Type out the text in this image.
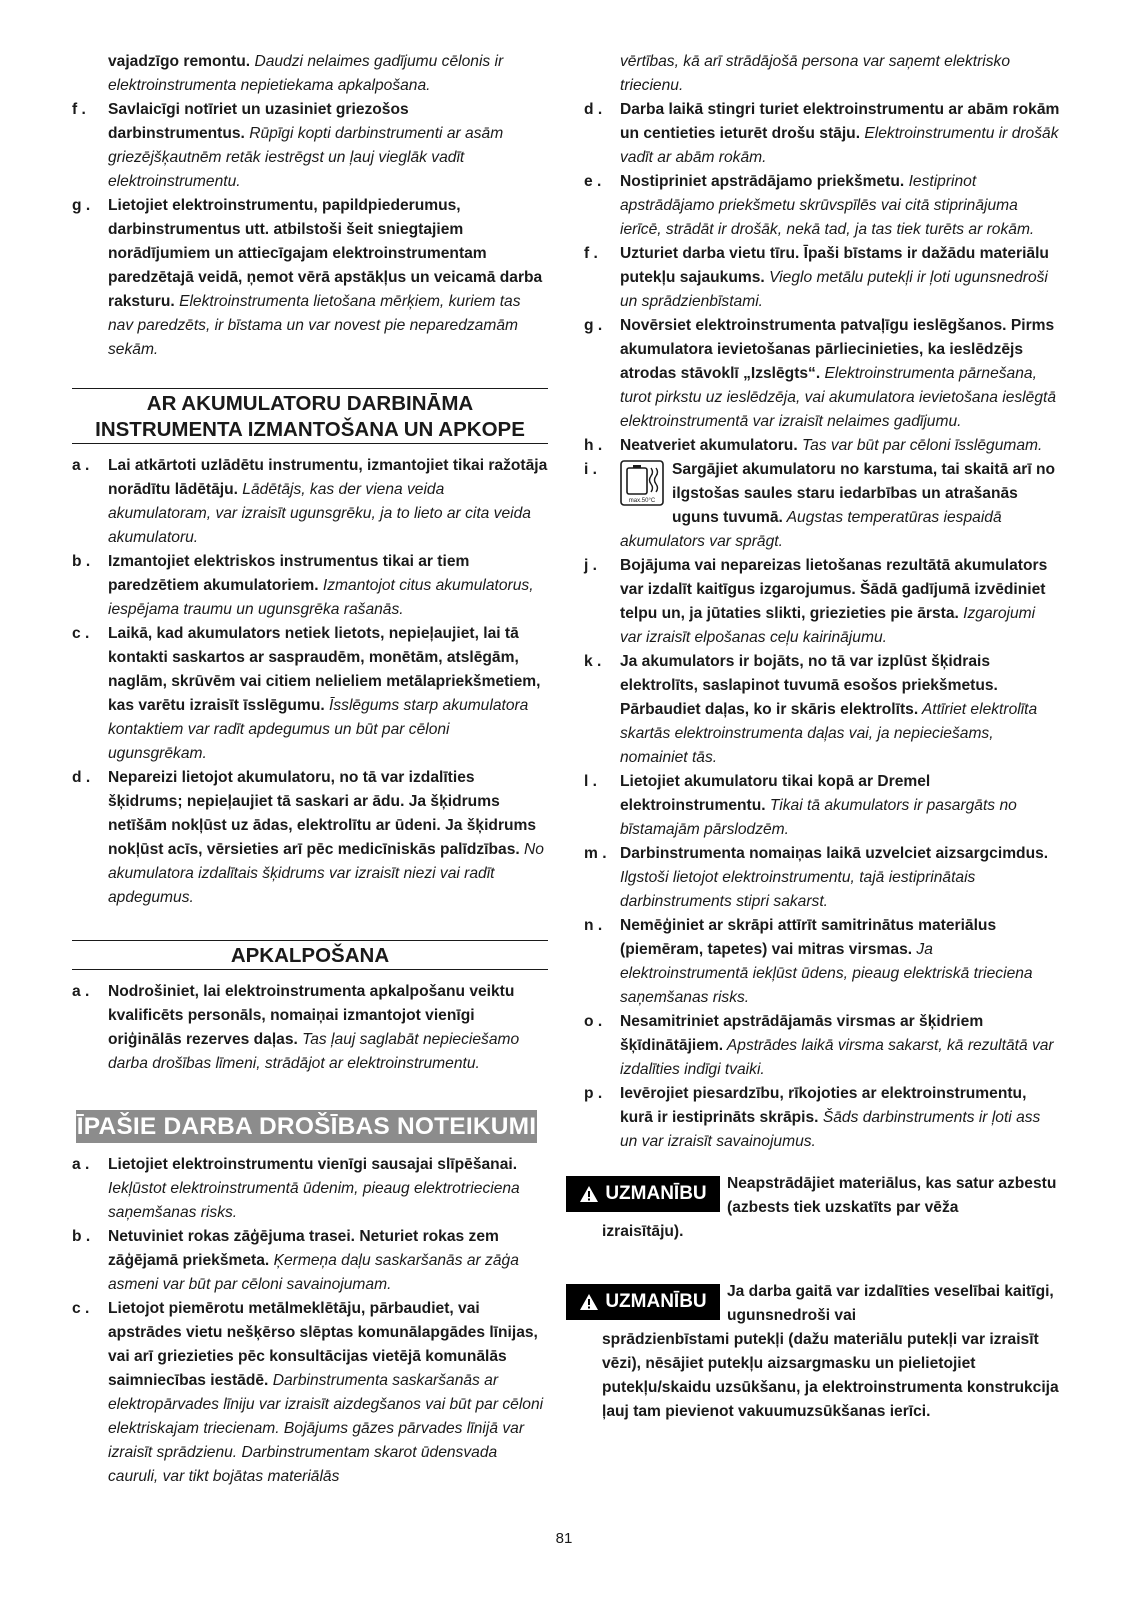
vajadzīgo remontu. Daudzi nelaimes gadījumu cēlonis ir elektroinstrumenta nepietiekama apkalpošana.
f . Savlaicīgi notīriet un uzasiniet griezošos darbinstrumentus. Rūpīgi kopti darbinstrumenti ar asām griezējšķautnēm retāk iestrēgst un ļauj vieglāk vadīt elektroinstrumentu.
g . Lietojiet elektroinstrumentu, papildpiederumus, darbinstrumentus utt. atbilstoši šeit sniegtajiem norādījumiem un attiecīgajam elektroinstrumentam paredzētajā veidā, ņemot vērā apstākļus un veicamā darba raksturu. Elektroinstrumenta lietošana mērķiem, kuriem tas nav paredzēts, ir bīstama un var novest pie neparedzamām sekām.
AR AKUMULATORU DARBINĀMA
INSTRUMENTA IZMANTOŠANA UN APKOPE
a . Lai atkārtoti uzlādētu instrumentu, izmantojiet tikai ražotāja norādītu lādētāju. Lādētājs, kas der viena veida akumulatoram, var izraisīt ugunsgrēku, ja to lieto ar cita veida akumulatoru.
b . Izmantojiet elektriskos instrumentus tikai ar tiem paredzētiem akumulatoriem. Izmantojot citus akumulatorus, iespējama traumu un ugunsgrēka rašanās.
c . Laikā, kad akumulators netiek lietots, nepieļaujiet, lai tā kontakti saskartos ar saspraudēm, monētām, atslēgām, naglām, skrūvēm vai citiem nelieliem metālapriekšmetiem, kas varētu izraisīt īsslēgumu. Īsslēgums starp akumulatora kontaktiem var radīt apdegumus un būt par cēloni ugunsgrēkam.
d . Nepareizi lietojot akumulatoru, no tā var izdalīties šķidrums; nepieļaujiet tā saskari ar ādu. Ja šķidrums netīšām nokļūst uz ādas, elektrolītu ar ūdeni. Ja šķidrums nokļūst acīs, vērsieties arī pēc medicīniskās palīdzības. No akumulatora izdalītais šķidrums var izraisīt niezi vai radīt apdegumus.
APKALPOŠANA
a . Nodrošiniet, lai elektroinstrumenta apkalpošanu veiktu kvalificēts personāls, nomaiņai izmantojot vienīgi oriģinālās rezerves daļas. Tas ļauj saglabāt nepieciešamo darba drošības līmeni, strādājot ar elektroinstrumentu.
ĪPAŠIE DARBA DROŠĪBAS NOTEIKUMI
a . Lietojiet elektroinstrumentu vienīgi sausajai slīpēšanai. Iekļūstot elektroinstrumentā ūdenim, pieaug elektrotrieciena saņemšanas risks.
b . Netuviniet rokas zāģējuma trasei. Neturiet rokas zem zāģējamā priekšmeta. Ķermeņa daļu saskaršanās ar zāģa asmeni var būt par cēloni savainojumam.
c . Lietojot piemērotu metālmeklētāju, pārbaudiet, vai apstrādes vietu nešķērso slēptas komunālapgādes līnijas, vai arī griezieties pēc konsultācijas vietējā komunālās saimniecības iestādē. Darbinstrumenta saskaršanās ar elektropārvades līniju var izraisīt aizdegšanos vai būt par cēloni elektriskajam triecienam. Bojājums gāzes pārvades līnijā var izraisīt sprādzienu. Darbinstrumentam skarot ūdensvada cauruli, var tikt bojātas materiālās
vērtības, kā arī strādājošā persona var saņemt elektrisko triecienu.
d . Darba laikā stingri turiet elektroinstrumentu ar abām rokām un centieties ieturēt drošu stāju. Elektroinstrumentu ir drošāk vadīt ar abām rokām.
e . Nostipriniet apstrādājamo priekšmetu. Iestiprinot apstrādājamo priekšmetu skrūvspīlēs vai citā stiprinājuma ierīcē, strādāt ir drošāk, nekā tad, ja tas tiek turēts ar rokām.
f . Uzturiet darba vietu tīru. Īpaši bīstams ir dažādu materiālu putekļu sajaukums. Vieglo metālu putekļi ir ļoti ugunsnedroši un sprādzienbīstami.
g . Novērsiet elektroinstrumenta patvaļīgu ieslēgšanos. Pirms akumulatora ievietošanas pārliecinieties, ka ieslēdzējs atrodas stāvoklī „Izslēgts“. Elektroinstrumenta pārnešana, turot pirkstu uz ieslēdzēja, vai akumulatora ievietošana ieslēgtā elektroinstrumentā var izraisīt nelaimes gadījumu.
h . Neatveriet akumulatoru. Tas var būt par cēloni īsslēgumam.
i .
max.50°C
Sargājiet akumulatoru no karstuma, tai skaitā arī no ilgstošas saules staru iedarbības un atrašanās uguns tuvumā. Augstas temperatūras iespaidā akumulators var sprāgt.
j . Bojājuma vai nepareizas lietošanas rezultātā akumulators var izdalīt kaitīgus izgarojumus. Šādā gadījumā izvēdiniet telpu un, ja jūtaties slikti, griezieties pie ārsta. Izgarojumi var izraisīt elpošanas ceļu kairinājumu.
k . Ja akumulators ir bojāts, no tā var izplūst šķidrais elektrolīts, saslapinot tuvumā esošos priekšmetus. Pārbaudiet daļas, ko ir skāris elektrolīts. Attīriet elektrolīta skartās elektroinstrumenta daļas vai, ja nepieciešams, nomainiet tās.
l . Lietojiet akumulatoru tikai kopā ar Dremel elektroinstrumentu. Tikai tā akumulators ir pasargāts no bīstamajām pārslodzēm.
m . Darbinstrumenta nomaiņas laikā uzvelciet aizsargcimdus. Ilgstoši lietojot elektroinstrumentu, tajā iestiprinātais darbinstruments stipri sakarst.
n . Nemēģiniet ar skrāpi attīrīt samitrinātus materiālus (piemēram, tapetes) vai mitras virsmas. Ja elektroinstrumentā iekļūst ūdens, pieaug elektriskā trieciena saņemšanas risks.
o . Nesamitriniet apstrādājamās virsmas ar šķidriem šķīdinātājiem. Apstrādes laikā virsma sakarst, kā rezultātā var izdalīties indīgi tvaiki.
p . Ievērojiet piesardzību, rīkojoties ar elektroinstrumentu, kurā ir iestiprināts skrāpis. Šāds darbinstruments ir ļoti ass un var izraisīt savainojumus.
UZMANĪBU	Neapstrādājiet materiālus, kas satur azbestu (azbests tiek uzskatīts par vēža
izraisītāju).
UZMANĪBU	Ja darba gaitā var izdalīties veselībai kaitīgi, ugunsnedroši vai
sprādzienbīstami putekļi (dažu materiālu putekļi var izraisīt vēzi), nēsājiet putekļu aizsargmasku un pielietojiet putekļu/skaidu uzsūkšanu, ja elektroinstrumenta konstrukcija ļauj tam pievienot vakuumuzsūkšanas ierīci.
81
